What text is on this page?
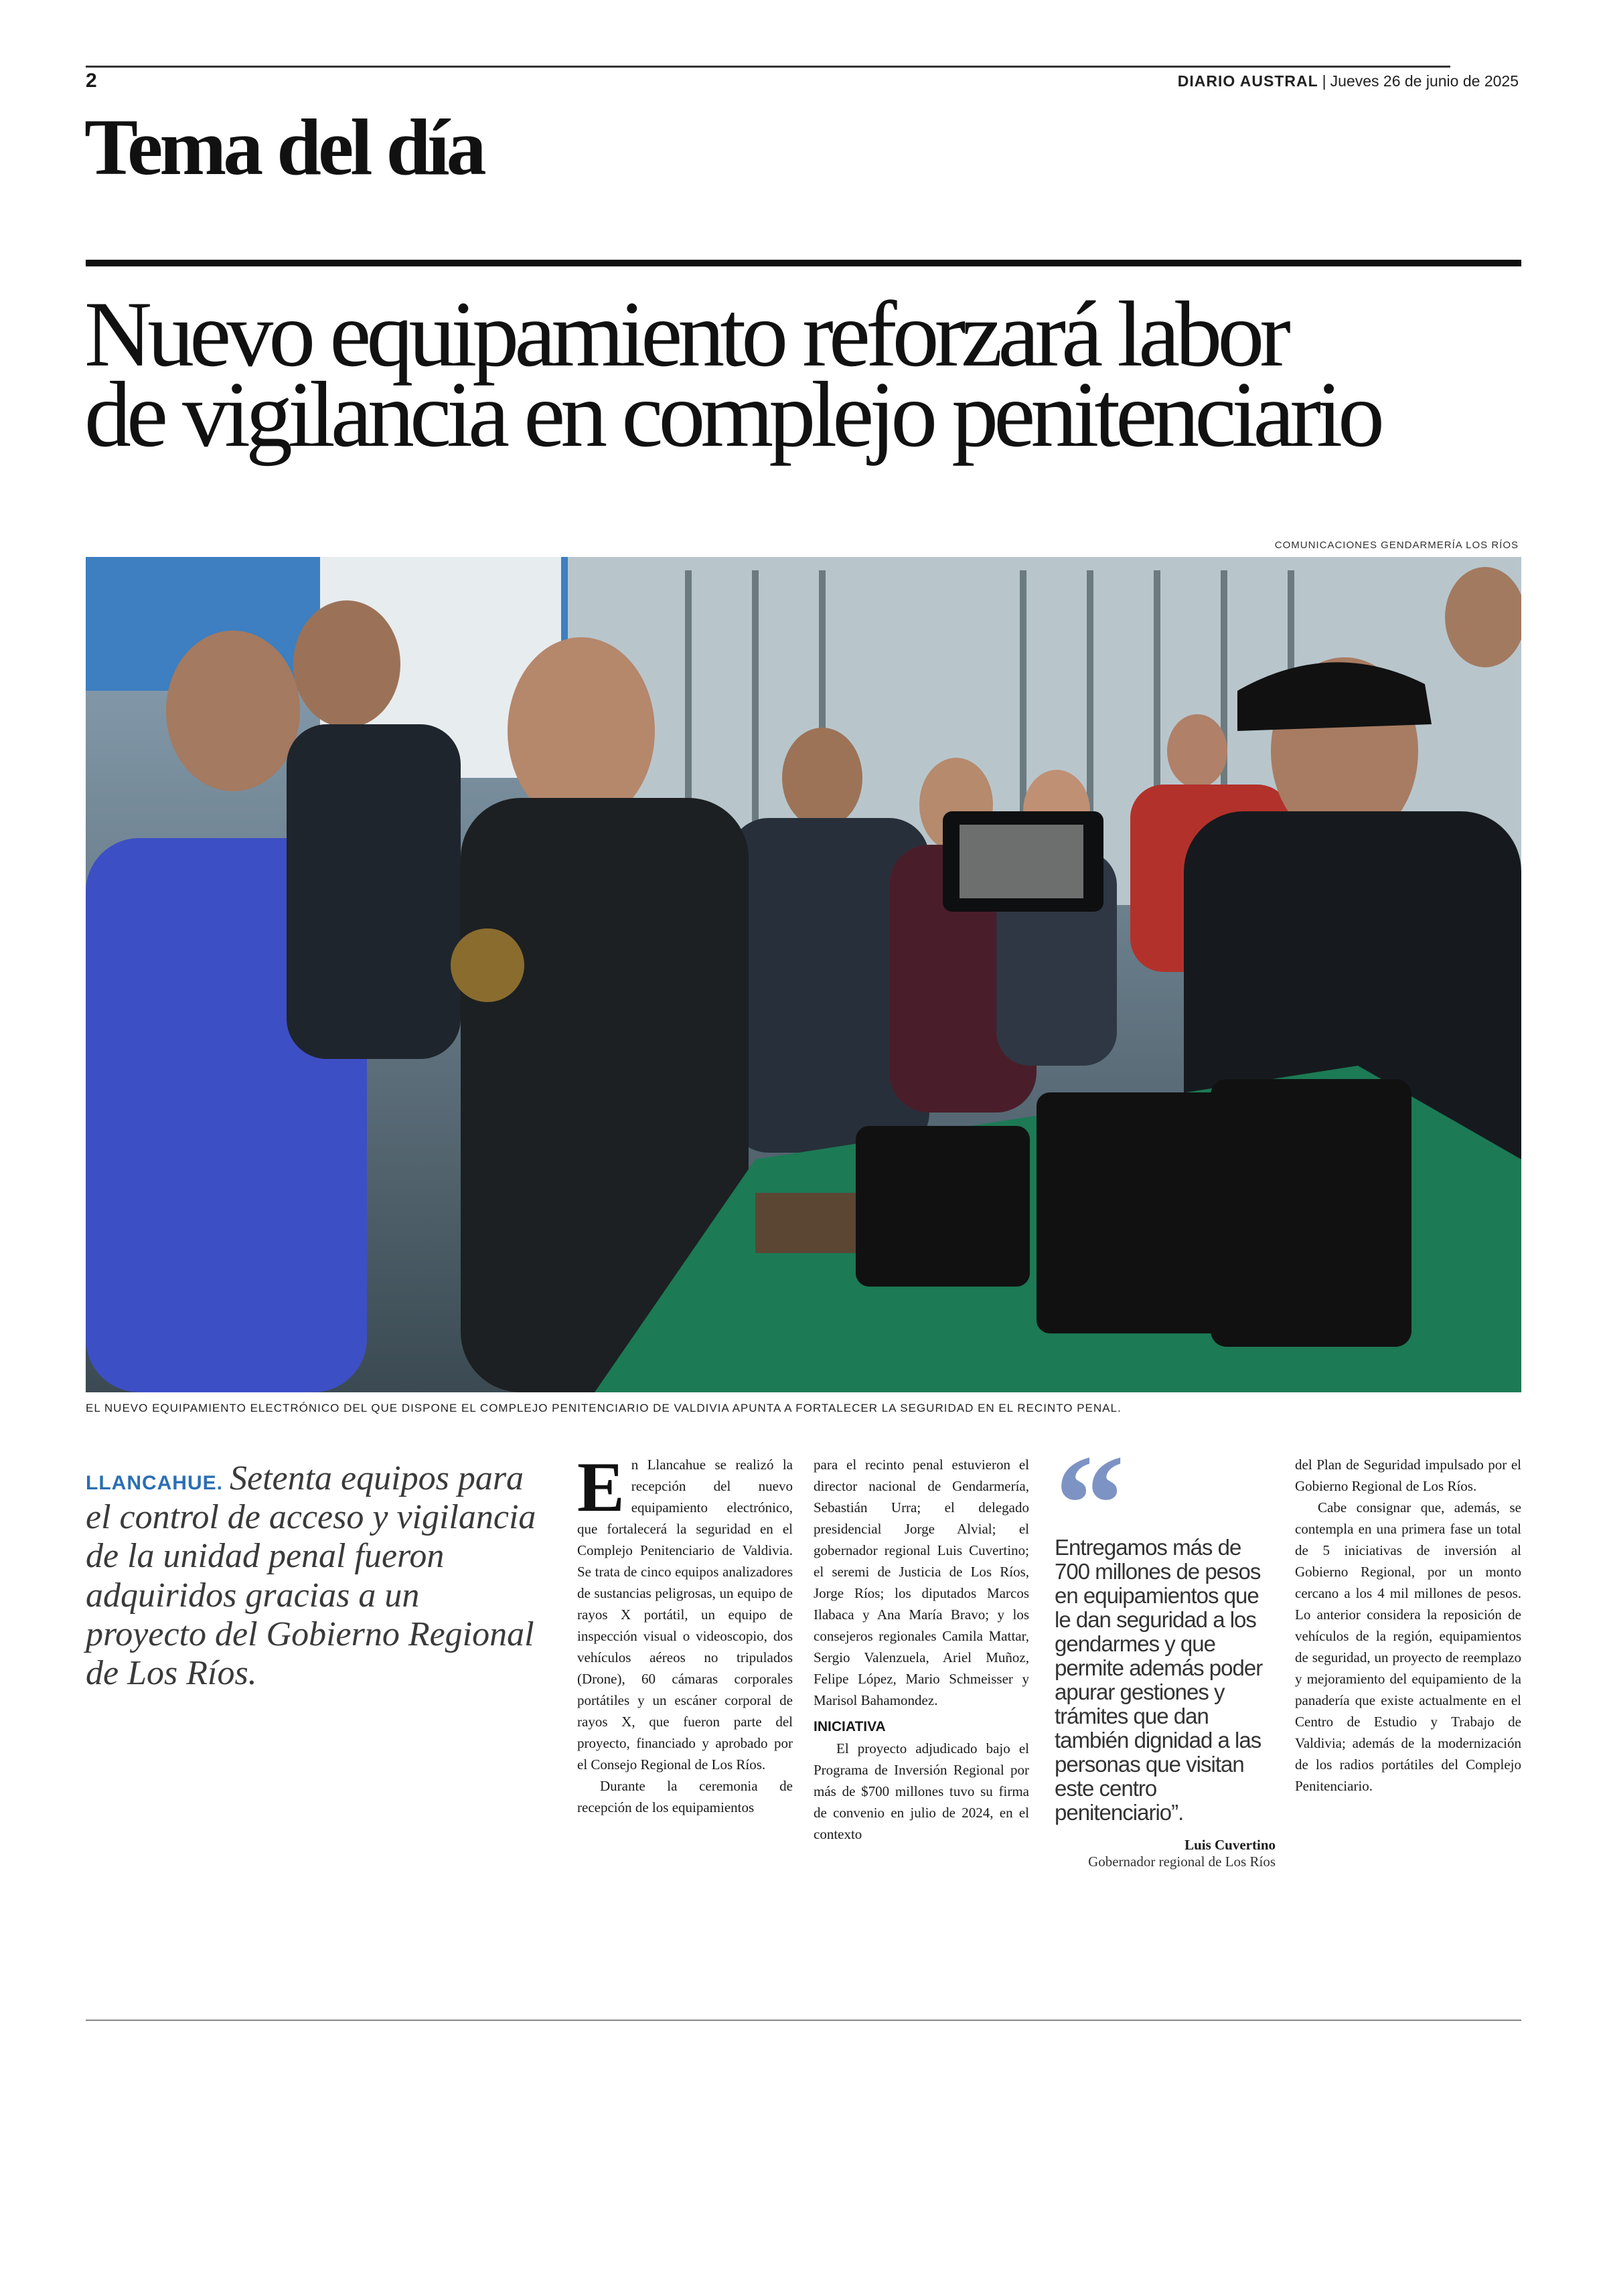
2	DIARIO AUSTRAL | Jueves 26 de junio de 2025
Tema del día
Nuevo equipamiento reforzará labor
de vigilancia en complejo penitenciario
COMUNICACIONES GENDARMERÍA LOS RÍOS
EL NUEVO EQUIPAMIENTO ELECTRÓNICO DEL QUE DISPONE EL COMPLEJO PENITENCIARIO DE VALDIVIA APUNTA A FORTALECER LA SEGURIDAD EN EL RECINTO PENAL.
LLANCAHUE. Setenta equipos para el control de acceso y vigilancia de la unidad penal fueron adquiridos gracias a un proyecto del Gobierno Regional de Los Ríos.
E n Llancahue se realizó la recepción del nuevo equipamiento electrónico, que fortalecerá la seguridad en el Complejo Penitenciario de Valdivia. Se trata de cinco equipos analizadores de sustancias peligrosas, un equipo de rayos X portátil, un equipo de inspección visual o videoscopio, dos vehículos aéreos no tripulados (Drone), 60 cámaras corporales portátiles y un escáner corporal de rayos X, que fueron parte del proyecto, financiado y aprobado por el Consejo Regional de Los Ríos.

Durante la ceremonia de recepción de los equipamientos

para el recinto penal estuvieron el director nacional de Gendarmería, Sebastián Urra; el delegado presidencial Jorge Alvial; el gobernador regional Luis Cuvertino; el seremi de Justicia de Los Ríos, Jorge Ríos; los diputados Marcos Ilabaca y Ana María Bravo; y los consejeros regionales Camila Mattar, Sergio Valenzuela, Ariel Muñoz, Felipe López, Mario Schmeisser y Marisol Bahamondez.

INICIATIVA

El proyecto adjudicado bajo el Programa de Inversión Regional por más de $700 millones tuvo su firma de convenio en julio de 2024, en el contexto

Entregamos más de 700 millones de pesos en equipamientos que le dan seguridad a los gendarmes y que permite además poder apurar gestiones y trámites que dan también dignidad a las personas que visitan este centro penitenciario”.
Luis Cuvertino
Gobernador regional de Los Ríos

del Plan de Seguridad impulsado por el Gobierno Regional de Los Ríos.

Cabe consignar que, además, se contempla en una primera fase un total de 5 iniciativas de inversión al Gobierno Regional, por un monto cercano a los 4 mil millones de pesos. Lo anterior considera la reposición de vehículos de la región, equipamientos de seguridad, un proyecto de reemplazo y mejoramiento del equipamiento de la panadería que existe actualmente en el Centro de Estudio y Trabajo de Valdivia; además de la modernización de los radios portátiles del Complejo Penitenciario.
